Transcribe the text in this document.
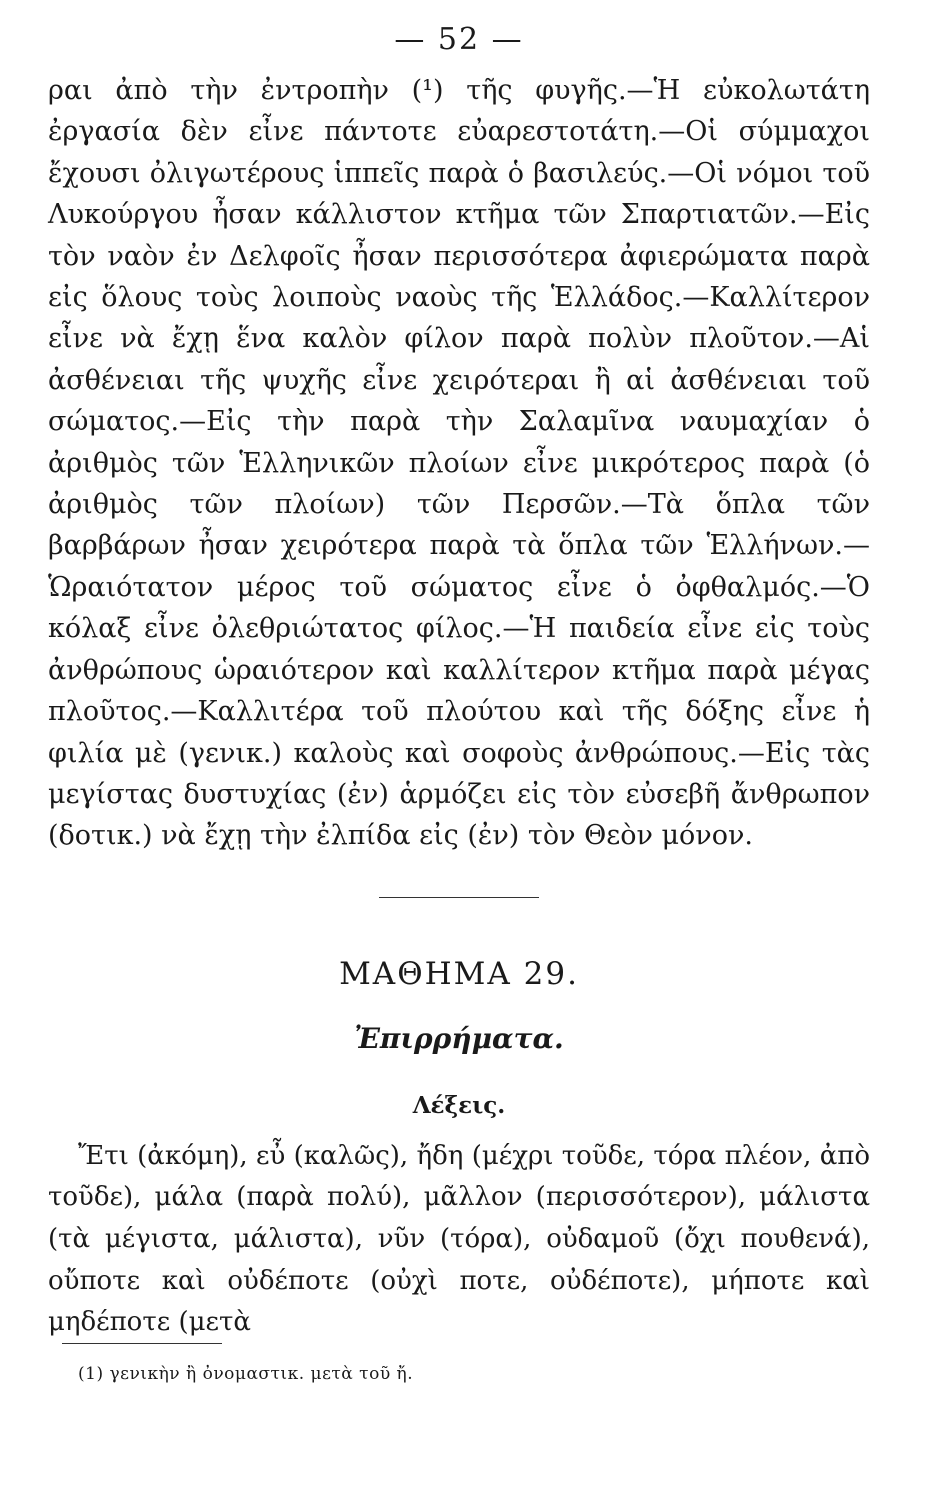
— 52 —

ραι ἀπὸ τὴν ἐντροπὴν (¹) τῆς φυγῆς.—Ἡ εὐκολωτάτη ἐργασία δὲν εἶνε πάντοτε εὐαρεστοτάτη.—Οἱ σύμμαχοι ἔχουσι ὀλιγωτέρους ἱππεῖς παρὰ ὁ βασιλεύς.—Οἱ νόμοι τοῦ Λυκούργου ἦσαν κάλλιστον κτῆμα τῶν Σπαρτιατῶν.—Εἰς τὸν ναὸν ἐν Δελφοῖς ἦσαν περισσότερα ἀφιερώματα παρὰ εἰς ὅλους τοὺς λοιποὺς ναοὺς τῆς Ἑλλάδος.—Καλλίτερον εἶνε νὰ ἔχῃ ἕνα καλὸν φίλον παρὰ πολὺν πλοῦτον.—Αἱ ἀσθένειαι τῆς ψυχῆς εἶνε χειρότεραι ἢ αἱ ἀσθένειαι τοῦ σώματος.—Εἰς τὴν παρὰ τὴν Σαλαμῖνα ναυμαχίαν ὁ ἀριθμὸς τῶν Ἑλληνικῶν πλοίων εἶνε μικρότερος παρὰ (ὁ ἀριθμὸς τῶν πλοίων) τῶν Περσῶν.—Τὰ ὅπλα τῶν βαρβάρων ἦσαν χειρότερα παρὰ τὰ ὅπλα τῶν Ἑλλήνων.—Ὡραιότατον μέρος τοῦ σώματος εἶνε ὁ ὀφθαλμός.—Ὁ κόλαξ εἶνε ὀλεθριώτατος φίλος.—Ἡ παιδεία εἶνε εἰς τοὺς ἀνθρώπους ὡραιότερον καὶ καλλίτερον κτῆμα παρὰ μέγας πλοῦτος.—Καλλιτέρα τοῦ πλούτου καὶ τῆς δόξης εἶνε ἡ φιλία μὲ (γενικ.) καλοὺς καὶ σοφοὺς ἀνθρώπους.—Εἰς τὰς μεγίστας δυστυχίας (ἐν) ἁρμόζει εἰς τὸν εὐσεβῆ ἄνθρωπον (δοτικ.) νὰ ἔχῃ τὴν ἐλπίδα εἰς (ἐν) τὸν Θεὸν μόνον.

ΜΑΘΗΜΑ 29.
Ἐπιρρήματα.
Λέξεις.

Ἔτι (ἀκόμη), εὖ (καλῶς), ἤδη (μέχρι τοῦδε, τόρα πλέον, ἀπὸ τοῦδε), μάλα (παρὰ πολύ), μᾶλλον (περισσότερον), μάλιστα (τὰ μέγιστα, μάλιστα), νῦν (τόρα), οὐδαμοῦ (ὄχι πουθενά), οὔποτε καὶ οὐδέποτε (οὐχὶ ποτε, οὐδέποτε), μήποτε καὶ μηδέποτε (μετὰ

(1) γενικὴν ἢ ὀνομαστικ. μετὰ τοῦ ἤ.
